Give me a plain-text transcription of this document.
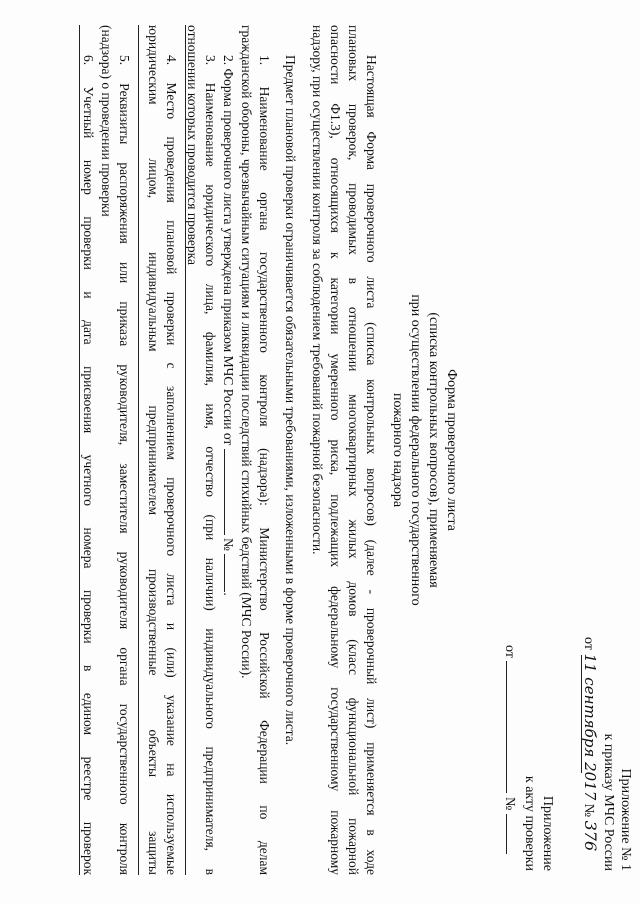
Приложение № 1
к приказу МЧС России
от 11 сентября 2017 № 376
Приложение
к акту проверки
от  №
Форма проверочного листа
(списка контрольных вопросов), применяемая
при осуществлении федерального государственного
пожарного надзора
Настоящая Форма проверочного листа (списка контрольных вопросов) (далее - проверочный лист) применяется в ходе
плановых проверок, проводимых в отношении многоквартирных жилых домов (класс функциональной пожарной
опасности Ф1.3), относящихся к категории умеренного риска, подлежащих федеральному государственному пожарному
надзору, при осуществлении контроля за соблюдением требований пожарной безопасности.
Предмет плановой проверки ограничивается обязательными требованиями, изложенными в форме проверочного листа.
1. Наименование органа государственного контроля (надзора): Министерство Российской Федерации по делам
гражданской обороны, чрезвычайным ситуациям и ликвидации последствий стихийных бедствий (МЧС России).
2. Форма проверочного листа утверждена приказом МЧС России от  № .
3. Наименование юридического лица, фамилия, имя, отчество (при наличии) индивидуального предпринимателя, в
отношении которых проводится проверка
4. Место проведения плановой проверки с заполнением проверочного листа и (или) указание на используемые
юридическим лицом, индивидуальным предпринимателем производственные объекты защиты
5. Реквизиты распоряжения или приказа руководителя, заместителя руководителя органа государственного контроля
(надзора) о проведении проверки
6. Учетный номер проверки и дата присвоения учетного номера проверки в едином реестре проверок
